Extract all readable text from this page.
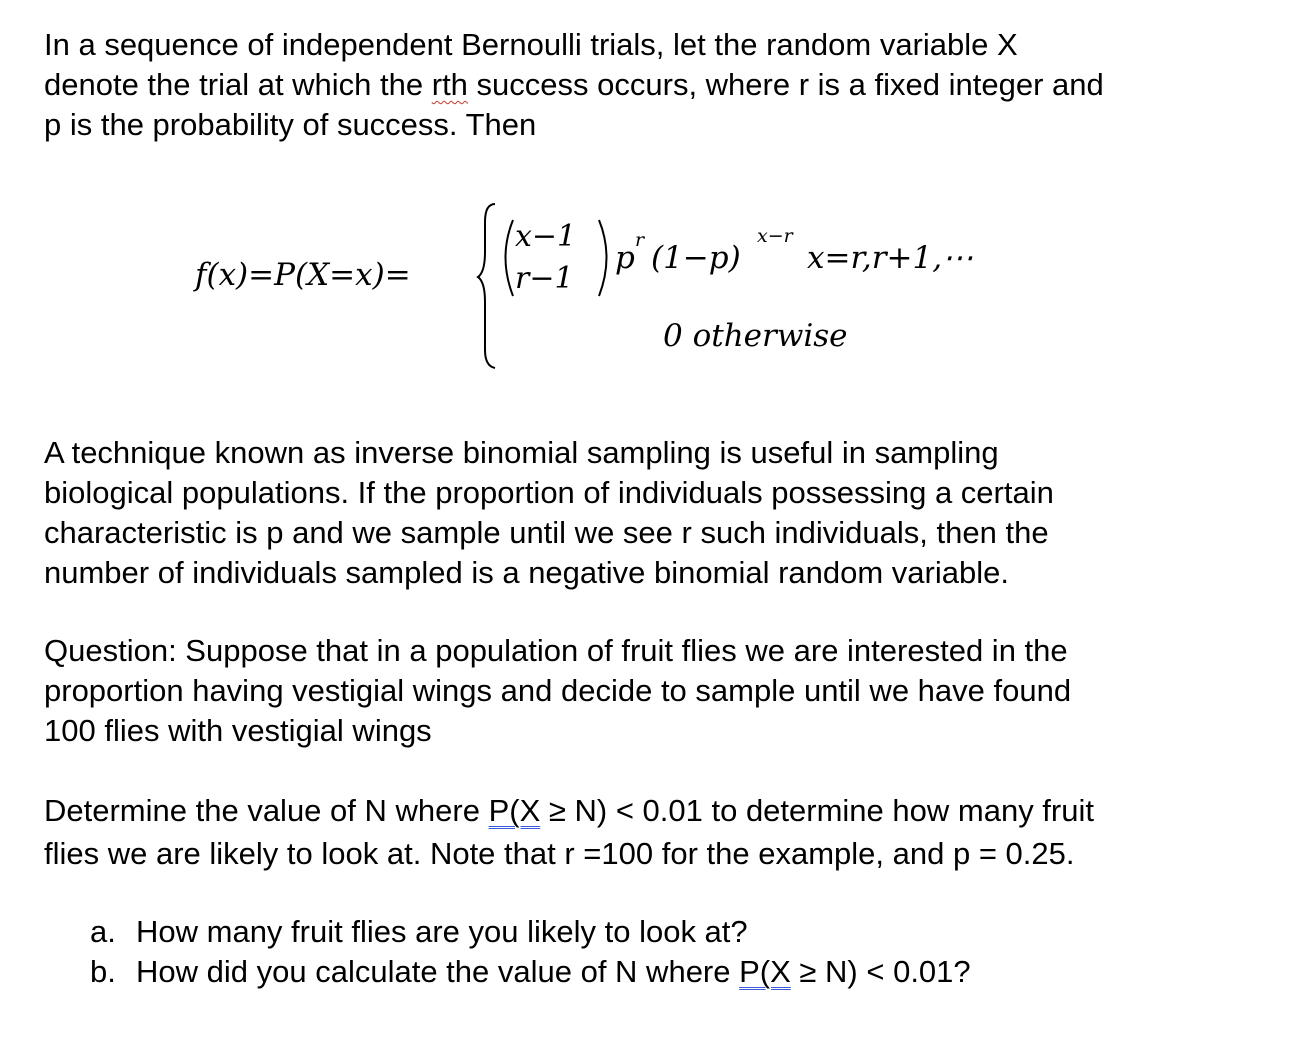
In a sequence of independent Bernoulli trials, let the random variable X
denote the trial at which the rth success occurs, where r is a fixed integer and
p is the probability of success. Then
f(x)=P(X=x)=
x−1
r−1
p r (1−p)
x−r
x=r,r+1,⋯
0 otherwise
A technique known as inverse binomial sampling is useful in sampling
biological populations. If the proportion of individuals possessing a certain
characteristic is p and we sample until we see r such individuals, then the
number of individuals sampled is a negative binomial random variable.
Question: Suppose that in a population of fruit flies we are interested in the
proportion having vestigial wings and decide to sample until we have found
100 flies with vestigial wings
Determine the value of N where P(X ≥ N) < 0.01 to determine how many fruit
flies we are likely to look at. Note that r =100 for the example, and p = 0.25.
a. How many fruit flies are you likely to look at?
b. How did you calculate the value of N where P(X ≥ N) < 0.01?
